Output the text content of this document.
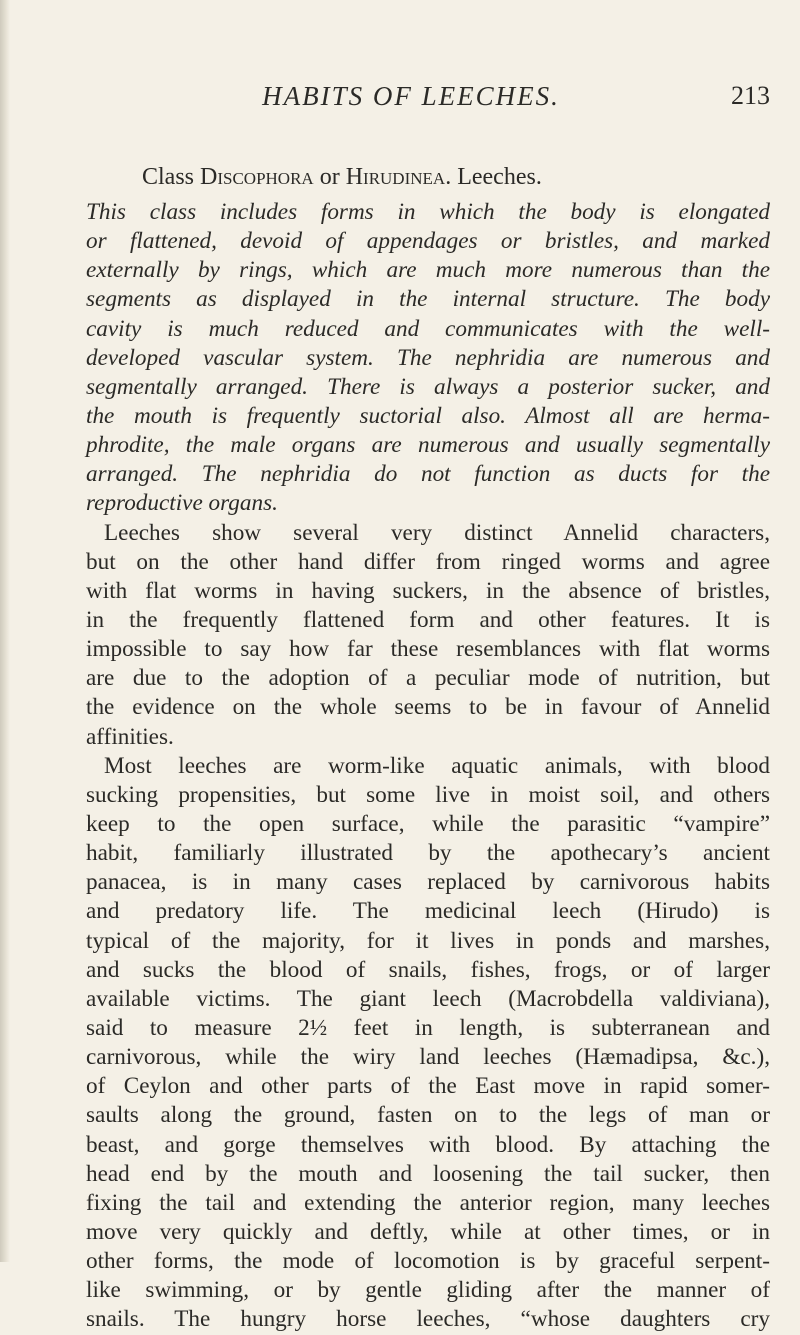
HABITS OF LEECHES.	213
Class Discophora or Hirudinea. Leeches.
This class includes forms in which the body is elongated
or flattened, devoid of appendages or bristles, and marked
externally by rings, which are much more numerous than the
segments as displayed in the internal structure. The body
cavity is much reduced and communicates with the well-
developed vascular system. The nephridia are numerous and
segmentally arranged. There is always a posterior sucker, and
the mouth is frequently suctorial also. Almost all are herma-
phrodite, the male organs are numerous and usually segmentally
arranged. The nephridia do not function as ducts for the
reproductive organs.
Leeches show several very distinct Annelid characters,
but on the other hand differ from ringed worms and agree
with flat worms in having suckers, in the absence of bristles,
in the frequently flattened form and other features. It is
impossible to say how far these resemblances with flat worms
are due to the adoption of a peculiar mode of nutrition, but
the evidence on the whole seems to be in favour of Annelid
affinities.
Most leeches are worm-like aquatic animals, with blood
sucking propensities, but some live in moist soil, and others
keep to the open surface, while the parasitic “vampire”
habit, familiarly illustrated by the apothecary’s ancient
panacea, is in many cases replaced by carnivorous habits
and predatory life. The medicinal leech (Hirudo) is
typical of the majority, for it lives in ponds and marshes,
and sucks the blood of snails, fishes, frogs, or of larger
available victims. The giant leech (Macrobdella valdiviana),
said to measure 2½ feet in length, is subterranean and
carnivorous, while the wiry land leeches (Hæmadipsa, &c.),
of Ceylon and other parts of the East move in rapid somer-
saults along the ground, fasten on to the legs of man or
beast, and gorge themselves with blood. By attaching the
head end by the mouth and loosening the tail sucker, then
fixing the tail and extending the anterior region, many leeches
move very quickly and deftly, while at other times, or in
other forms, the mode of locomotion is by graceful serpent-
like swimming, or by gentle gliding after the manner of
snails. The hungry horse leeches, “whose daughters cry
